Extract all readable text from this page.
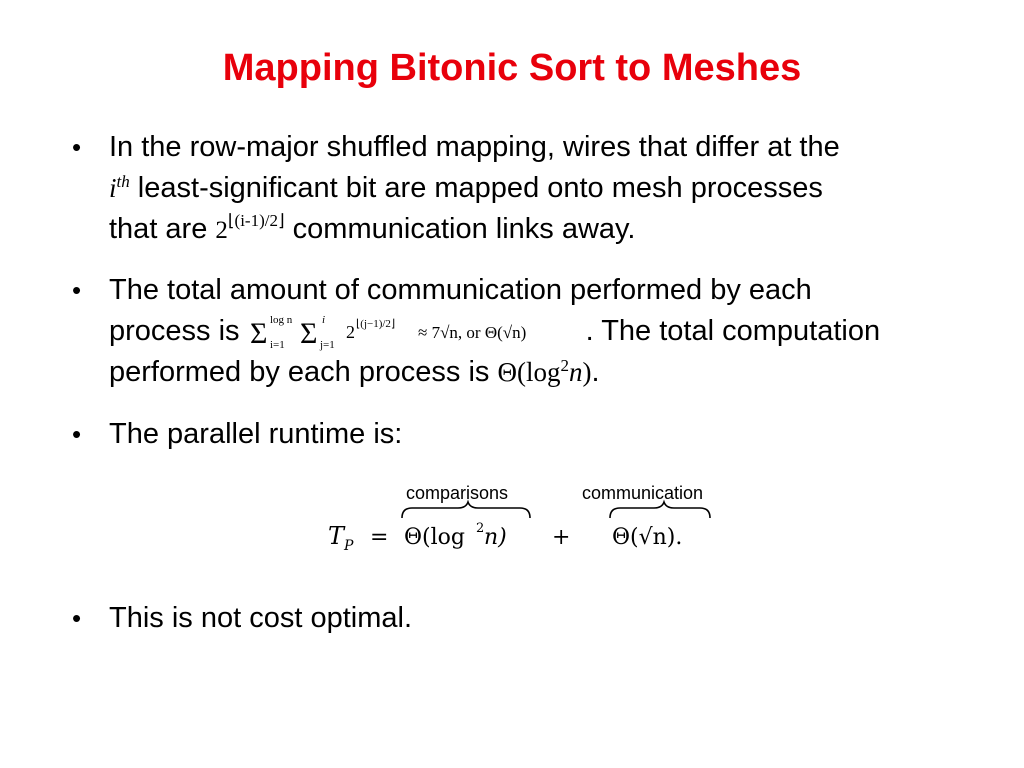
Mapping Bitonic Sort to Meshes
• In the row-major shuffled mapping, wires that differ at the
$i^{th}$ least-significant bit are mapped onto mesh processes
that are $2^{⌊(i-1)/2⌋}$ communication links away.
• The total amount of communication performed by each
process is Σ log n
i=1 Σ i
j=1
2 ⌊(j−1)/2⌋ ≈ 7√n, or Θ(√n) . The total computation
performed by each process is $\Theta(\log^2n)$.
• The parallel runtime is:
comparisons	communication
T P = Θ(log 2 n) + Θ(√n).
• This is not cost optimal.
